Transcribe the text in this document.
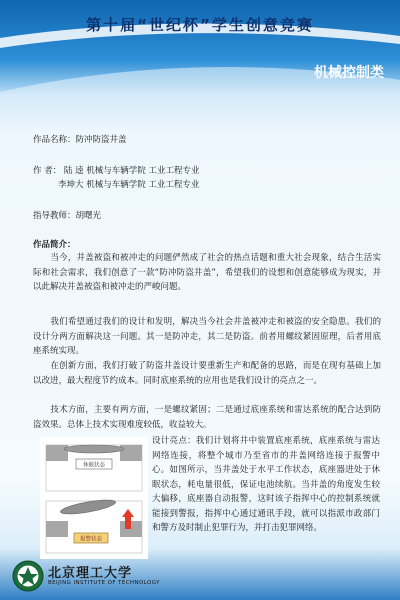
第十届“世纪杯”学生创意竞赛
机械控制类
作品名称：防冲防盗井盖
作 者： 陆 逵 机械与车辆学院 工业工程专业
李坤大 机械与车辆学院 工业工程专业
指导教师：胡曙光
作品简介：
　　当今，井盖被盗和被冲走的问题俨然成了社会的热点话题和重大社会现象，结合生活实际和社会需求，我们创意了一款“防冲防盗井盖”，希望我们的设想和创意能够成为现实，并以此解决井盖被盗和被冲走的严峻问题。
　　我们希望通过我们的设计和发明，解决当今社会井盖被冲走和被盗的安全隐患。我们的设计分两方面解决这一问题。其一是防冲走，其二是防盗。前者用螺纹紧固原理，后者用底座系统实现。
　　在创新方面，我们打破了防盗井盖设计要重新生产和配备的思路，而是在现有基础上加以改进，最大程度节约成本。同时底座系统的应用也是我们设计的亮点之一。
　　技术方面，主要有两方面，一是螺纹紧固；二是通过底座系统和雷达系统的配合达到防盗效果。总体上技术实现难度较低，收益较大。
设计亮点：我们计划将井中装置底座系统，底座系统与雷达网络连接，将整个城市乃至省市的井盖网络连接于报警中心。如图所示，当井盖处于水平工作状态，底座器进处于休眠状态，耗电量很低，保证电池续航。当井盖的角度发生较大偏移，底座器自动报警，这时该子指挥中心的控制系统就能接到警报，指挥中心通过通讯手段，就可以指派市政部门和警方及时制止犯罪行为，并打击犯罪网络。
休眠状态
报警状态
北京理工大学
BEIJING INSTITUTE OF TECHNOLOGY
